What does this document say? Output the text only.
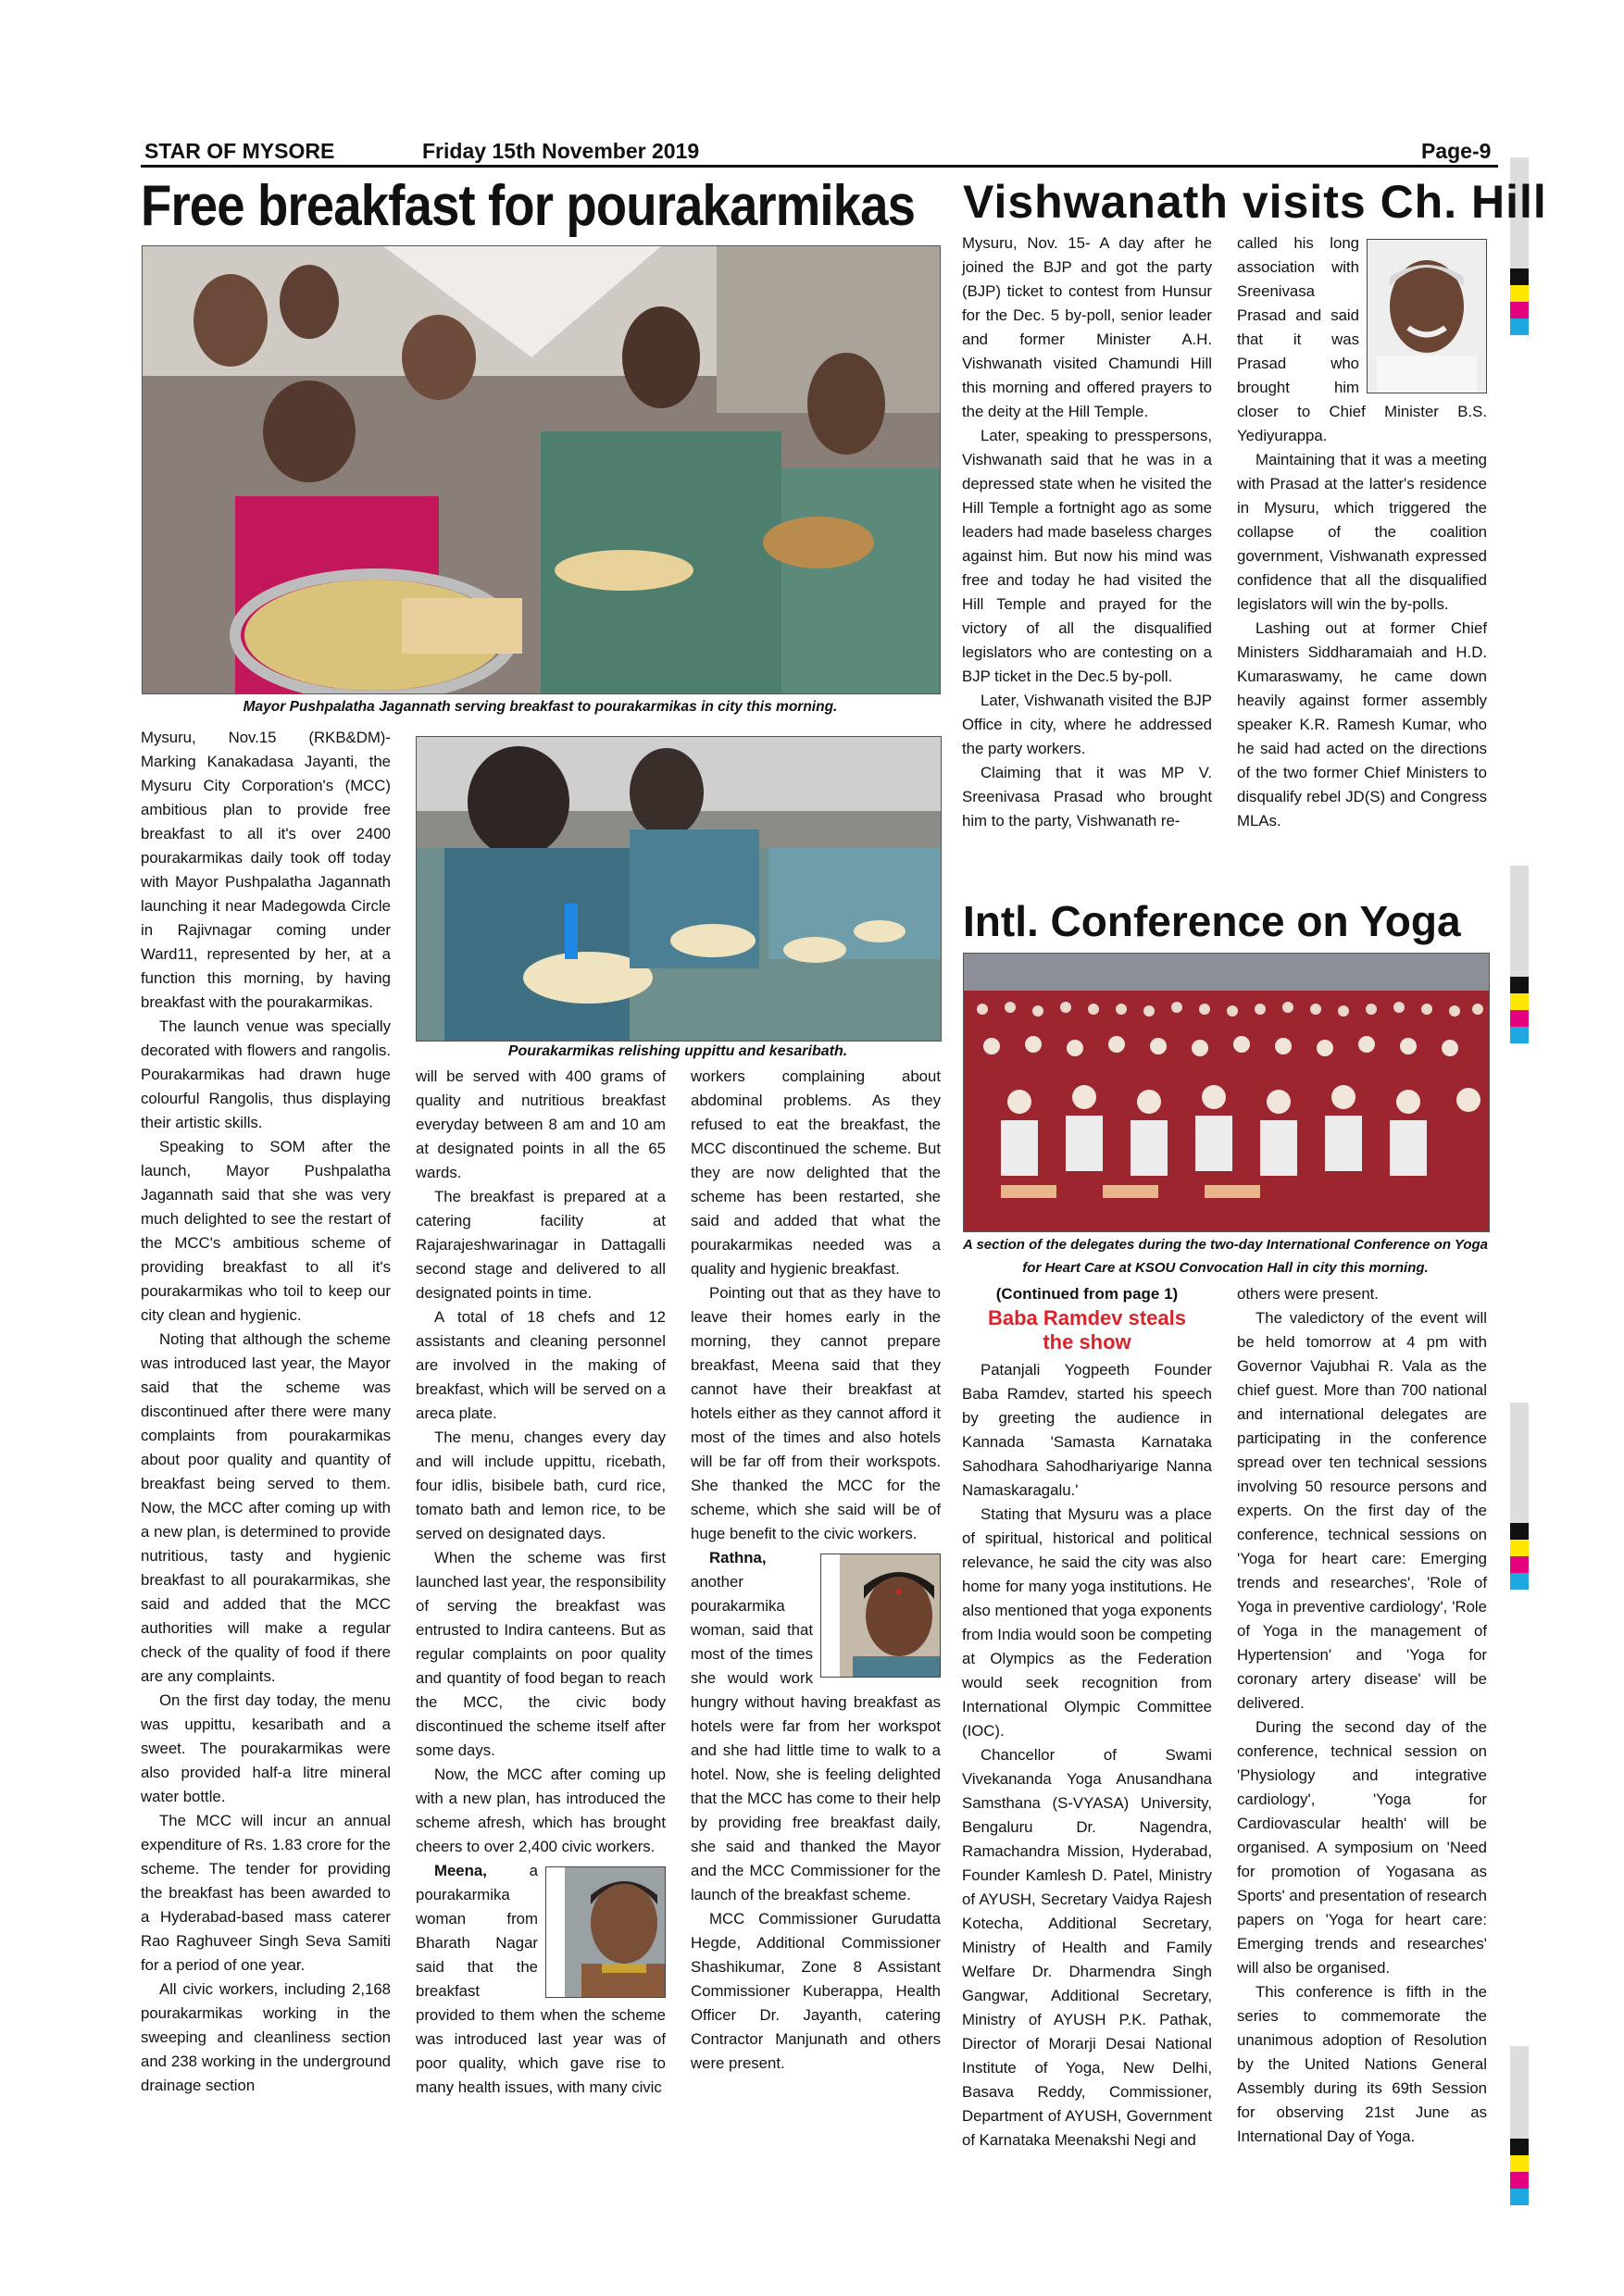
STAR OF MYSORE	Friday 15th November 2019	Page-9
Free breakfast for pourakarmikas
Mayor Pushpalatha Jagannath serving breakfast to pourakarmikas in city this morning.

Mysuru, Nov.15 (RKB&DM)- Marking Kanakadasa Jayanti, the Mysuru City Corporation's (MCC) ambitious plan to provide free breakfast to all it's over 2400 pourakarmikas daily took off today with Mayor Pushpalatha Jagannath launching it near Madegowda Circle in Rajivnagar coming under Ward11, represented by her, at a function this morning, by having breakfast with the pourakarmikas.

The launch venue was specially decorated with flowers and rangolis. Pourakarmikas had drawn huge colourful Rangolis, thus displaying their artistic skills.

Speaking to SOM after the launch, Mayor Pushpalatha Jagannath said that she was very much delighted to see the restart of the MCC's ambitious scheme of providing breakfast to all it's pourakarmikas who toil to keep our city clean and hygienic.

Noting that although the scheme was introduced last year, the Mayor said that the scheme was discontinued after there were many complaints from pourakarmikas about poor quality and quantity of breakfast being served to them. Now, the MCC after coming up with a new plan, is determined to provide nutritious, tasty and hygienic breakfast to all pourakarmikas, she said and added that the MCC authorities will make a regular check of the quality of food if there are any complaints.

On the first day today, the menu was uppittu, kesaribath and a sweet. The pourakarmikas were also provided half-a litre mineral water bottle.

The MCC will incur an annual expenditure of Rs. 1.83 crore for the scheme. The tender for providing the breakfast has been awarded to a Hyderabad-based mass caterer Rao Raghuveer Singh Seva Samiti for a period of one year.

All civic workers, including 2,168 pourakarmikas working in the sweeping and cleanliness section and 238 working in the underground drainage section

Pourakarmikas relishing uppittu and kesaribath.

will be served with 400 grams of quality and nutritious breakfast everyday between 8 am and 10 am at designated points in all the 65 wards.

The breakfast is prepared at a catering facility at Rajarajeshwarinagar in Dattagalli second stage and delivered to all designated points in time.

A total of 18 chefs and 12 assistants and cleaning personnel are involved in the making of breakfast, which will be served on a areca plate.

The menu, changes every day and will include uppittu, ricebath, four idlis, bisibele bath, curd rice, tomato bath and lemon rice, to be served on designated days.

When the scheme was first launched last year, the responsibility of serving the breakfast was entrusted to Indira canteens. But as regular complaints on poor quality and quantity of food began to reach the MCC, the civic body discontinued the scheme itself after some days.

Now, the MCC after coming up with a new plan, has introduced the scheme afresh, which has brought cheers to over 2,400 civic workers.

Meena, a pourakarmika woman from Bharath Nagar said that the breakfast provided to them when the scheme was introduced last year was of poor quality, which gave rise to many health issues, with many civic

workers complaining about abdominal problems. As they refused to eat the breakfast, the MCC discontinued the scheme. But they are now delighted that the scheme has been restarted, she said and added that what the pourakarmikas needed was a quality and hygienic breakfast.

Pointing out that as they have to leave their homes early in the morning, they cannot prepare breakfast, Meena said that they cannot have their breakfast at hotels either as they cannot afford it most of the times and also hotels will be far off from their workspots. She thanked the MCC for the scheme, which she said will be of huge benefit to the civic workers.

Rathna, another pourakarmika woman, said that most of the times she would work hungry without having breakfast as hotels were far from her workspot and she had little time to walk to a hotel. Now, she is feeling delighted that the MCC has come to their help by providing free breakfast daily, she said and thanked the Mayor and the MCC Commissioner for the launch of the breakfast scheme.

MCC Commissioner Gurudatta Hegde, Additional Commissioner Shashikumar, Zone 8 Assistant Commissioner Kuberappa, Health Officer Dr. Jayanth, catering Contractor Manjunath and others were present.

Vishwanath visits Ch. Hill

Mysuru, Nov. 15- A day after he joined the BJP and got the party (BJP) ticket to contest from Hunsur for the Dec. 5 by-poll, senior leader and former Minister A.H. Vishwanath visited Chamundi Hill this morning and offered prayers to the deity at the Hill Temple.

Later, speaking to presspersons, Vishwanath said that he was in a depressed state when he visited the Hill Temple a fortnight ago as some leaders had made baseless charges against him. But now his mind was free and today he had visited the Hill Temple and prayed for the victory of all the disqualified legislators who are contesting on a BJP ticket in the Dec.5 by-poll.

Later, Vishwanath visited the BJP Office in city, where he addressed the party workers.

Claiming that it was MP V. Sreenivasa Prasad who brought him to the party, Vishwanath re-

called his long association with Sreenivasa Prasad and said that it was Prasad who brought him closer to Chief Minister B.S. Yediyurappa.

Maintaining that it was a meeting with Prasad at the latter's residence in Mysuru, which triggered the collapse of the coalition government, Vishwanath expressed confidence that all the disqualified legislators will win the by-polls.

Lashing out at former Chief Ministers Siddharamaiah and H.D. Kumaraswamy, he came down heavily against former assembly speaker K.R. Ramesh Kumar, who he said had acted on the directions of the two former Chief Ministers to disqualify rebel JD(S) and Congress MLAs.

Intl. Conference on Yoga
A section of the delegates during the two-day International Conference on Yoga for Heart Care at KSOU Convocation Hall in city this morning.
(Continued from page 1)
Baba Ramdev steals the show

Patanjali Yogpeeth Founder Baba Ramdev, started his speech by greeting the audience in Kannada 'Samasta Karnataka Sahodhara Sahodhariyarige Nanna Namaskaragalu.'

Stating that Mysuru was a place of spiritual, historical and political relevance, he said the city was also home for many yoga institutions. He also mentioned that yoga exponents from India would soon be competing at Olympics as the Federation would seek recognition from International Olympic Committee (IOC).

Chancellor of Swami Vivekananda Yoga Anusandhana Samsthana (S-VYASA) University, Bengaluru Dr. Nagendra, Ramachandra Mission, Hyderabad, Founder Kamlesh D. Patel, Ministry of AYUSH, Secretary Vaidya Rajesh Kotecha, Additional Secretary, Ministry of Health and Family Welfare Dr. Dharmendra Singh Gangwar, Additional Secretary, Ministry of AYUSH P.K. Pathak, Director of Morarji Desai National Institute of Yoga, New Delhi, Basava Reddy, Commissioner, Department of AYUSH, Government of Karnataka Meenakshi Negi and

others were present.

The valedictory of the event will be held tomorrow at 4 pm with Governor Vajubhai R. Vala as the chief guest. More than 700 national and international delegates are participating in the conference spread over ten technical sessions involving 50 resource persons and experts. On the first day of the conference, technical sessions on 'Yoga for heart care: Emerging trends and researches', 'Role of Yoga in preventive cardiology', 'Role of Yoga in the management of Hypertension' and 'Yoga for coronary artery disease' will be delivered.

During the second day of the conference, technical session on 'Physiology and integrative cardiology', 'Yoga for Cardiovascular health' will be organised. A symposium on 'Need for promotion of Yogasana as Sports' and presentation of research papers on 'Yoga for heart care: Emerging trends and researches' will also be organised.

This conference is fifth in the series to commemorate the unanimous adoption of Resolution by the United Nations General Assembly during its 69th Session for observing 21st June as International Day of Yoga.
